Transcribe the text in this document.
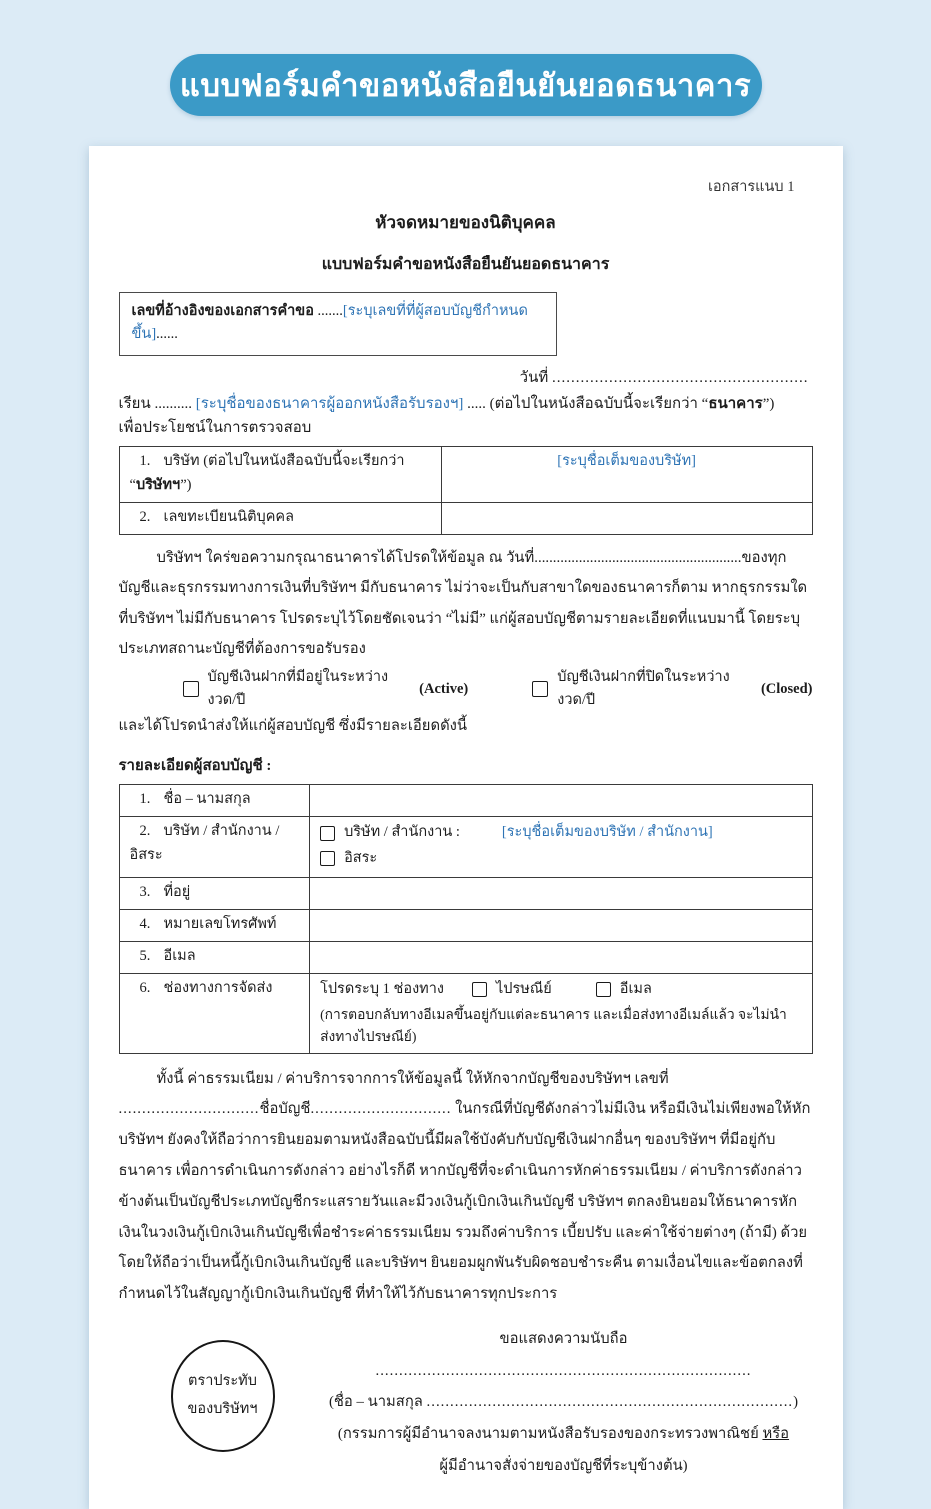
แบบฟอร์มคำขอหนังสือยืนยันยอดธนาคาร
เอกสารแนบ 1
หัวจดหมายของนิติบุคคล
แบบฟอร์มคำขอหนังสือยืนยันยอดธนาคาร
เลขที่อ้างอิงของเอกสารคำขอ .......[ระบุเลขที่ที่ผู้สอบบัญชีกำหนดขึ้น]......
วันที่ ......................................................
เรียน .......... [ระบุชื่อของธนาคารผู้ออกหนังสือรับรองฯ] ..... (ต่อไปในหนังสือฉบับนี้จะเรียกว่า “ธนาคาร”)
เพื่อประโยชน์ในการตรวจสอบ
1. บริษัท (ต่อไปในหนังสือฉบับนี้จะเรียกว่า “บริษัทฯ”)	[ระบุชื่อเต็มของบริษัท]
2. เลขทะเบียนนิติบุคคล	
บริษัทฯ ใคร่ขอความกรุณาธนาคารได้โปรดให้ข้อมูล ณ วันที่........................................................ของทุกบัญชีและธุรกรรมทางการเงินที่บริษัทฯ มีกับธนาคาร ไม่ว่าจะเป็นกับสาขาใดของธนาคารก็ตาม หากธุรกรรมใดที่บริษัทฯ ไม่มีกับธนาคาร โปรดระบุไว้โดยชัดเจนว่า “ไม่มี” แก่ผู้สอบบัญชีตามรายละเอียดที่แนบมานี้ โดยระบุประเภทสถานะบัญชีที่ต้องการขอรับรอง
บัญชีเงินฝากที่มีอยู่ในระหว่างงวด/ปี

(Active)
บัญชีเงินฝากที่ปิดในระหว่างงวด/ปี

(Closed)
และได้โปรดนำส่งให้แก่ผู้สอบบัญชี ซึ่งมีรายละเอียดดังนี้
รายละเอียดผู้สอบบัญชี :
1. ชื่อ – นามสกุล	
2. บริษัท / สำนักงาน / อิสระ	บริษัท / สำนักงาน : [ระบุชื่อเต็มของบริษัท / สำนักงาน]
อิสระ

3. ที่อยู่	
4. หมายเลขโทรศัพท์	
5. อีเมล	
6. ช่องทางการจัดส่ง	โปรดระบุ 1 ช่องทาง ไปรษณีย์ อีเมล
(การตอบกลับทางอีเมลขึ้นอยู่กับแต่ละธนาคาร และเมื่อส่งทางอีเมล์แล้ว จะไม่นำส่งทางไปรษณีย์)
ทั้งนี้ ค่าธรรมเนียม / ค่าบริการจากการให้ข้อมูลนี้ ให้หักจากบัญชีของบริษัทฯ เลขที่ ..............................ชื่อบัญชี.............................. ในกรณีที่บัญชีดังกล่าวไม่มีเงิน หรือมีเงินไม่เพียงพอให้หัก บริษัทฯ ยังคงให้ถือว่าการยินยอมตามหนังสือฉบับนี้มีผลใช้บังคับกับบัญชีเงินฝากอื่นๆ ของบริษัทฯ ที่มีอยู่กับธนาคาร เพื่อการดำเนินการดังกล่าว อย่างไรก็ดี หากบัญชีที่จะดำเนินการหักค่าธรรมเนียม / ค่าบริการดังกล่าวข้างต้นเป็นบัญชีประเภทบัญชีกระแสรายวันและมีวงเงินกู้เบิกเงินเกินบัญชี บริษัทฯ ตกลงยินยอมให้ธนาคารหักเงินในวงเงินกู้เบิกเงินเกินบัญชีเพื่อชำระค่าธรรมเนียม รวมถึงค่าบริการ เบี้ยปรับ และค่าใช้จ่ายต่างๆ (ถ้ามี) ด้วย โดยให้ถือว่าเป็นหนี้กู้เบิกเงินเกินบัญชี และบริษัทฯ ยินยอมผูกพันรับผิดชอบชำระคืน ตามเงื่อนไขและข้อตกลงที่กำหนดไว้ในสัญญากู้เบิกเงินเกินบัญชี ที่ทำให้ไว้กับธนาคารทุกประการ
ตราประทับ
ของบริษัทฯ
ขอแสดงความนับถือ
................................................................................
(ชื่อ – นามสกุล ..............................................................................)
(กรรมการผู้มีอำนาจลงนามตามหนังสือรับรองของกระทรวงพาณิชย์ หรือ
ผู้มีอำนาจสั่งจ่ายของบัญชีที่ระบุข้างต้น)
